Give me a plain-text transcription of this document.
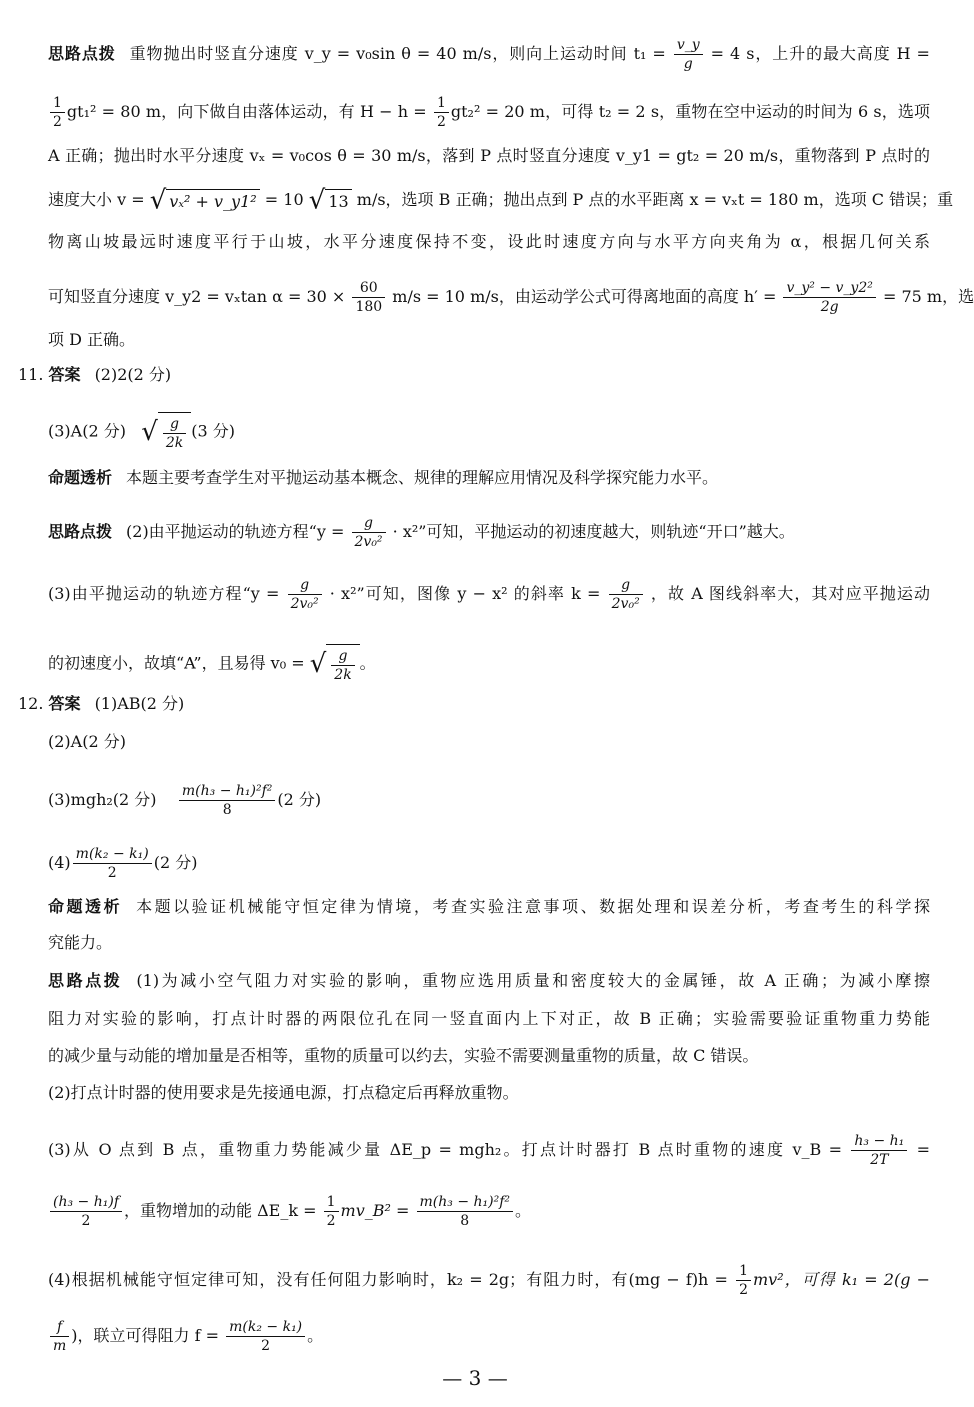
思路点拨 重物抛出时竖直分速度 v_y = v₀sin θ = 40 m/s，则向上运动时间 $t_1 = \frac{v\_y}{g} = 4$ s，上升的最大高度 H =
$\frac{1}{2} gt_1^2 = 80$ m，向下做自由落体运动，有 $H - h = \frac{1}{2} gt_2^2 = 20$ m，可得 t₂ = 2 s，重物在空中运动的时间为 6 s，选项
A 正确；抛出时水平分速度 vₓ = v₀cos θ = 30 m/s，落到 P 点时竖直分速度 v_y1 = gt₂ = 20 m/s，重物落到 P 点时的
速度大小 v = √ vₓ² + v_y1² = 10 √ 13 m/s，选项 B 正确；抛出点到 P 点的水平距离 x = vₓt = 180 m，选项 C 错误；重
物离山坡最远时速度平行于山坡，水平分速度保持不变，设此时速度方向与水平方向夹角为 α，根据几何关系
可知竖直分速度 v_y2 = vₓtan $\alpha = 30 \times \frac{60}{180} m/s = 10$ m/s，由运动学公式可得离地面的高度 $h' = \frac{\text{v\_y² − v\_y2²}}{2g} = 75$ m，选
项 D 正确。
11. 答案 (2)2(2 分)
(3)A(2 分) √ $\frac{g}{2k} (3$ 分)
命题透析 本题主要考查学生对平抛运动基本概念、规律的理解应用情况及科学探究能力水平。
思路点拨 (2)由平抛运动的轨迹方程“$y = \frac{g}{\text{2v₀²}} \cdot x^2$”可知，平抛运动的初速度越大，则轨迹“开口”越大。
(3)由平抛运动的轨迹方程“$y = \frac{g}{\text{2v₀²}} \cdot x^2$”可知，图像 y − x² 的斜率 $k = \frac{g}{\text{2v₀²}}$ ，故 A 图线斜率大，其对应平抛运动
的初速度小，故填“A”，且易得 v₀ = √ $\frac{g}{2k}$ 。
12. 答案 (1)AB(2 分)
(2)A(2 分)
(3)mgh₂(2 分) $\frac{\text{m(h₃ − h₁)²f²}}{8} (2$ 分)
$(4) \frac{\text{m(k₂ − k₁)}}{2} (2$ 分)
命题透析 本题以验证机械能守恒定律为情境，考查实验注意事项、数据处理和误差分析，考查考生的科学探
究能力。
思路点拨 (1)为减小空气阻力对实验的影响，重物应选用质量和密度较大的金属锤，故 A 正确；为减小摩擦
阻力对实验的影响，打点计时器的两限位孔在同一竖直面内上下对正，故 B 正确；实验需要验证重物重力势能
的减少量与动能的增加量是否相等，重物的质量可以约去，实验不需要测量重物的质量，故 C 错误。
(2)打点计时器的使用要求是先接通电源，打点稳定后再释放重物。
(3)从 O 点到 B 点，重物重力势能减少量 ΔE_p = mgh₂。打点计时器打 B 点时重物的速度 v_B = $\frac{\text{h₃ − h₁}}{2T}$ =
$\frac{\text{(h₃ − h₁)f}}{2}$ ，重物增加的动能 ΔE_k = $\frac{1}{2}$ mv_B² = $\frac{\text{m(h₃ − h₁)²f²}}{8}$ 。
(4)根据机械能守恒定律可知，没有任何阻力影响时，k₂ = 2g；有阻力时，有$(mg - f)h = \frac{1}{2} mv^2$，可得 k₁ = 2(g −
$\frac{f}{m}$ )，联立可得阻力 $f = \frac{\text{m(k₂ − k₁)}}{2}$ 。
— 3 —
